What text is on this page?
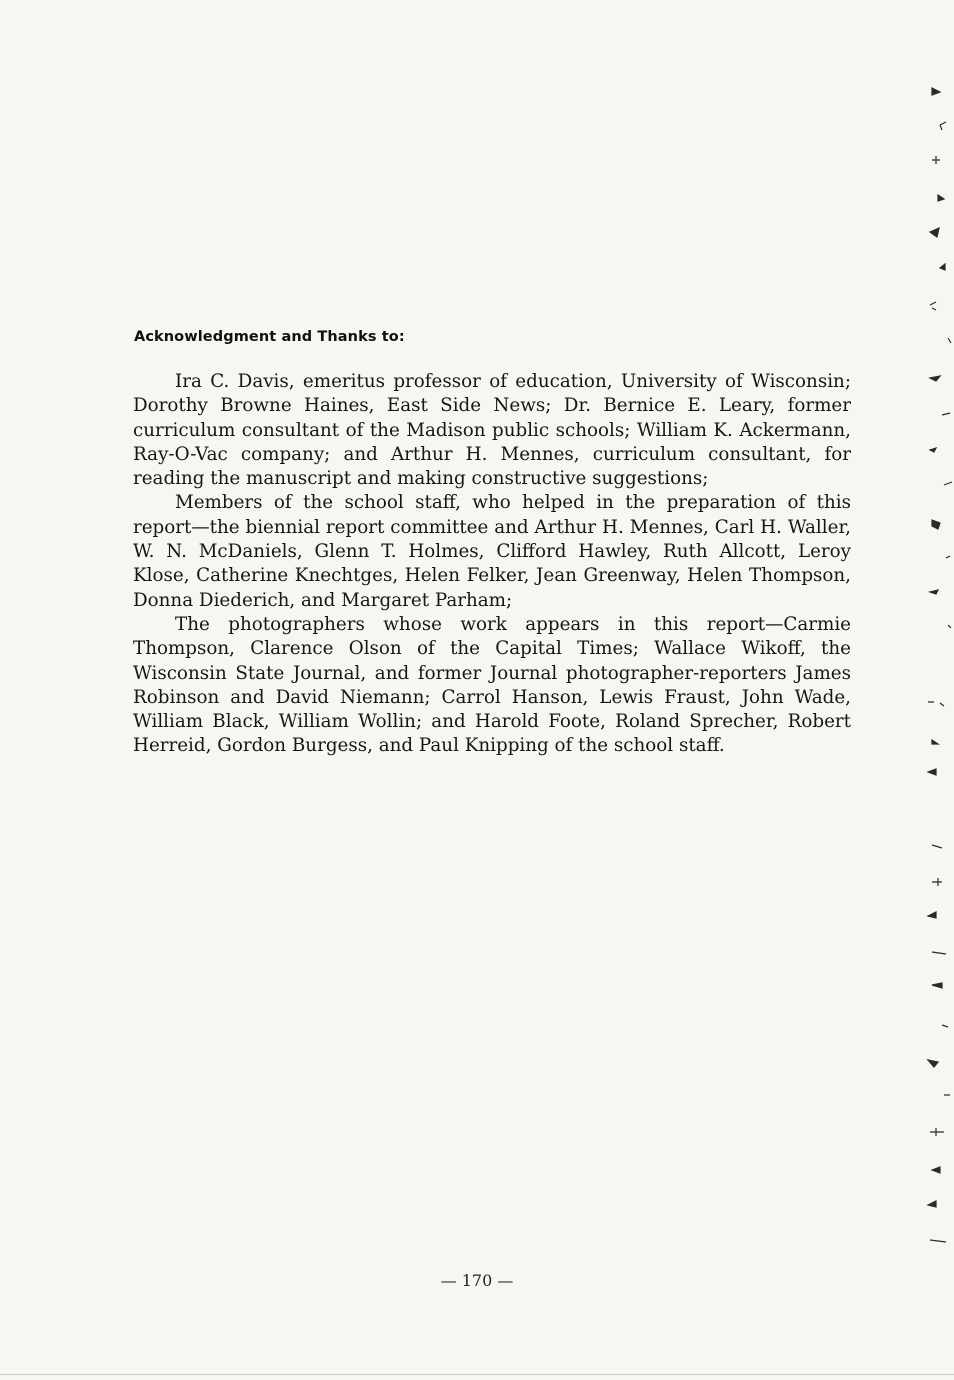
Acknowledgment and Thanks to:

Ira C. Davis, emeritus professor of education, University of Wisconsin; Dorothy Browne Haines, East Side News; Dr. Bernice E. Leary, former curriculum consultant of the Madison public schools; William K. Ackermann, Ray-O-Vac company; and Arthur H. Mennes, curriculum consultant, for reading the manuscript and making constructive suggestions;

Members of the school staff, who helped in the preparation of this report—the biennial report committee and Arthur H. Mennes, Carl H. Waller, W. N. McDaniels, Glenn T. Holmes, Clifford Hawley, Ruth Allcott, Leroy Klose, Catherine Knechtges, Helen Felker, Jean Greenway, Helen Thompson, Donna Diederich, and Margaret Parham;

The photographers whose work appears in this report—Carmie Thompson, Clarence Olson of the Capital Times; Wallace Wikoff, the Wisconsin State Journal, and former Journal photographer-reporters James Robinson and David Niemann; Carrol Hanson, Lewis Fraust, John Wade, William Black, William Wollin; and Harold Foote, Roland Sprecher, Robert Herreid, Gordon Burgess, and Paul Knipping of the school staff.

— 170 —
